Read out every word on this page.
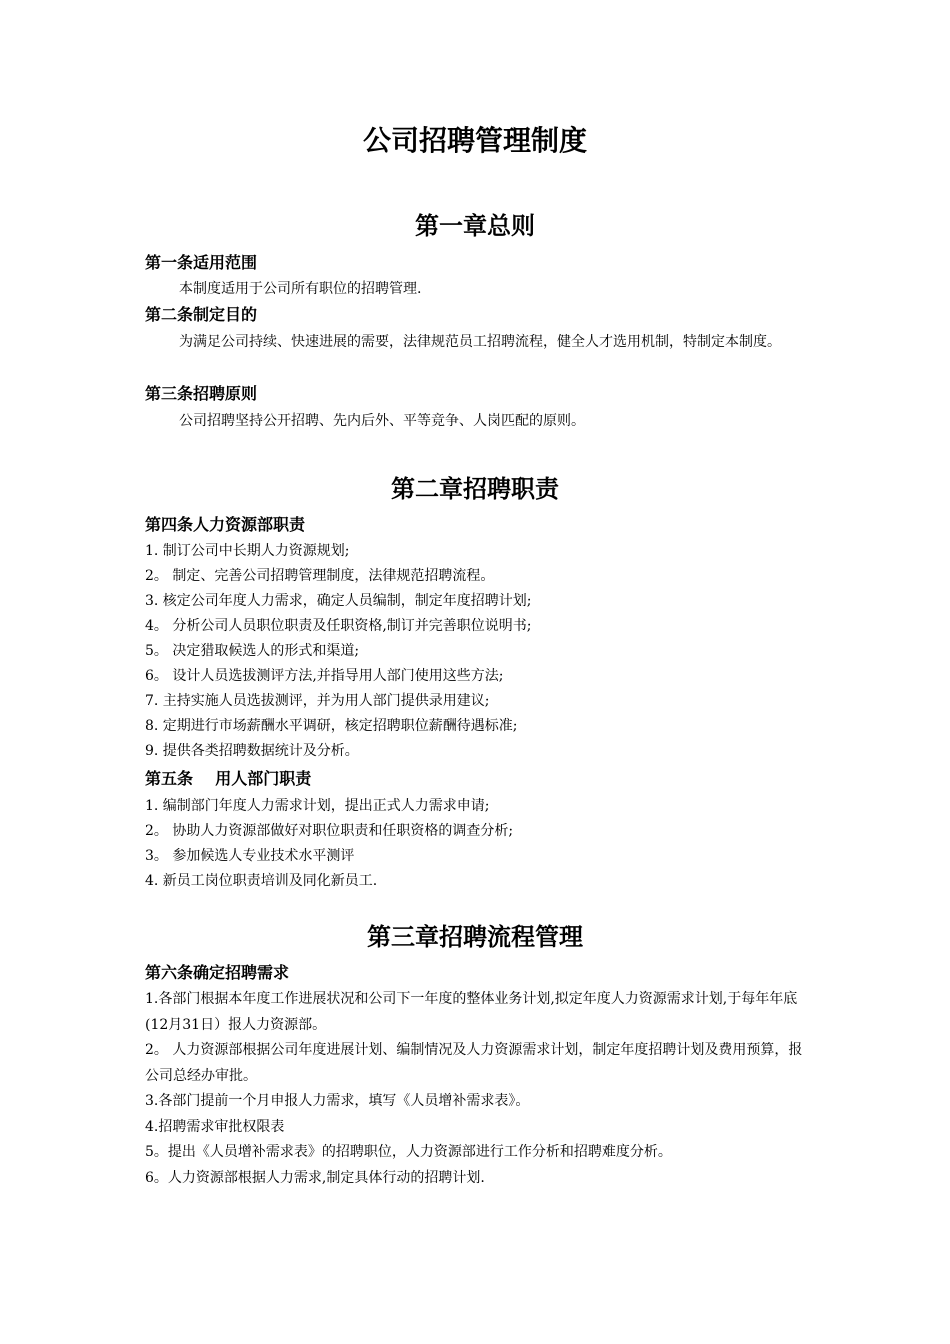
公司招聘管理制度
第一章总则
第一条适用范围

本制度适用于公司所有职位的招聘管理.

第二条制定目的

为满足公司持续、快速进展的需要，法律规范员工招聘流程，健全人才选用机制，特制定本制度。

第三条招聘原则

公司招聘坚持公开招聘、先内后外、平等竞争、人岗匹配的原则。

第二章招聘职责
第四条人力资源部职责
1. 制订公司中长期人力资源规划;
2。 制定、完善公司招聘管理制度，法律规范招聘流程。
3. 核定公司年度人力需求，确定人员编制，制定年度招聘计划;
4。 分析公司人员职位职责及任职资格,制订并完善职位说明书;
5。 决定猎取候选人的形式和渠道;
6。 设计人员选拔测评方法,并指导用人部门使用这些方法;
7. 主持实施人员选拔测评，并为用人部门提供录用建议;
8. 定期进行市场薪酬水平调研，核定招聘职位薪酬待遇标准;
9. 提供各类招聘数据统计及分析。
第五条    用人部门职责
1. 编制部门年度人力需求计划，提出正式人力需求申请;
2。 协助人力资源部做好对职位职责和任职资格的调查分析;
3。 参加候选人专业技术水平测评
4. 新员工岗位职责培训及同化新员工.
第三章招聘流程管理
第六条确定招聘需求
1.各部门根据本年度工作进展状况和公司下一年度的整体业务计划,拟定年度人力资源需求计划,于每年年底(12月31日）报人力资源部。
2。 人力资源部根据公司年度进展计划、编制情况及人力资源需求计划，制定年度招聘计划及费用预算，报公司总经办审批。
3.各部门提前一个月申报人力需求，填写《人员增补需求表》。
4.招聘需求审批权限表
5。提出《人员增补需求表》的招聘职位，人力资源部进行工作分析和招聘难度分析。
6。人力资源部根据人力需求,制定具体行动的招聘计划.
